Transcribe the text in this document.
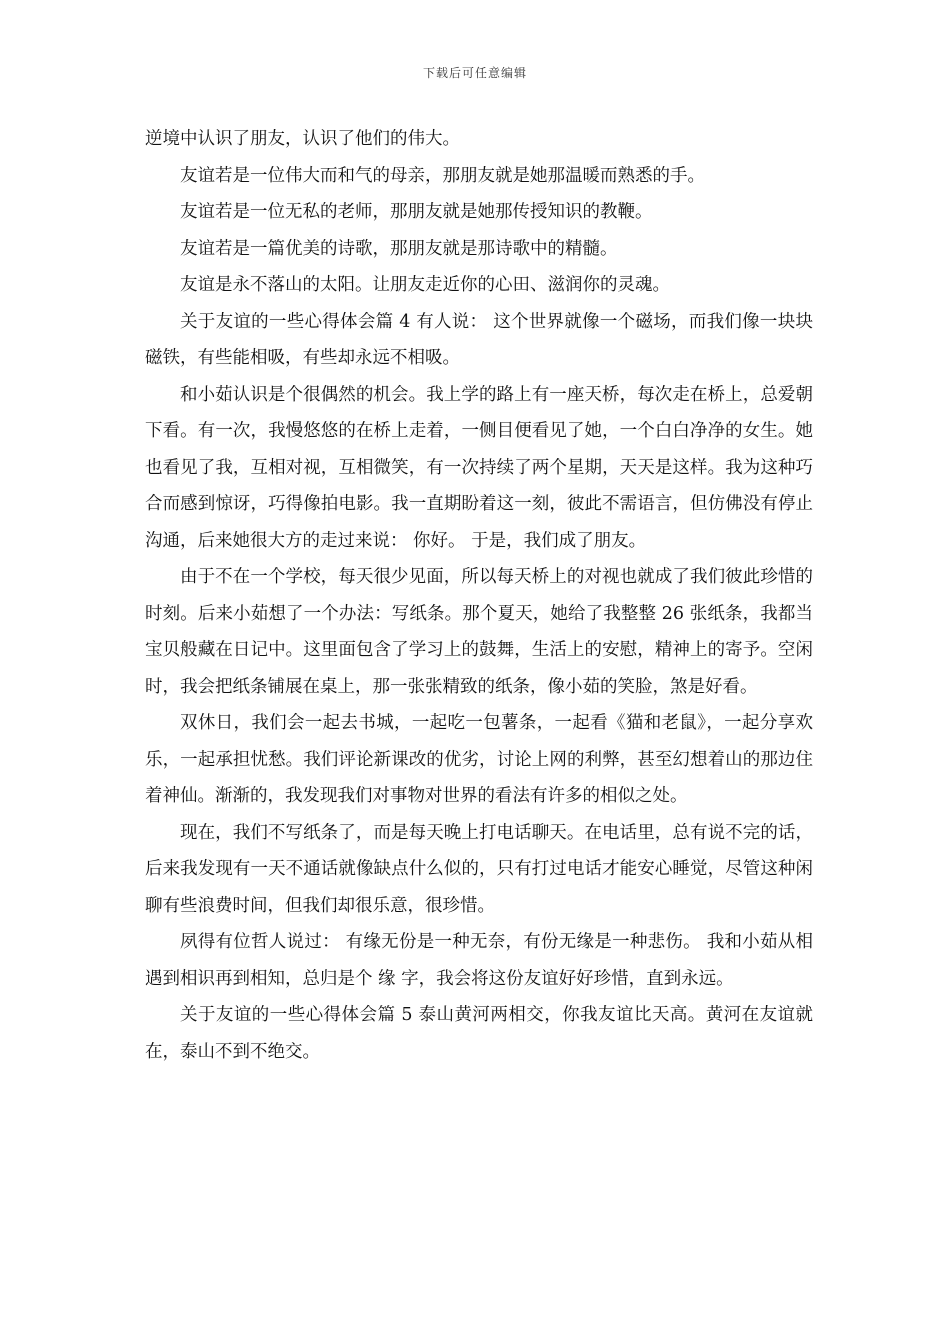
下载后可任意编辑

逆境中认识了朋友，认识了他们的伟大。

友谊若是一位伟大而和气的母亲，那朋友就是她那温暖而熟悉的手。

友谊若是一位无私的老师，那朋友就是她那传授知识的教鞭。

友谊若是一篇优美的诗歌，那朋友就是那诗歌中的精髓。

友谊是永不落山的太阳。让朋友走近你的心田、滋润你的灵魂。

关于友谊的一些心得体会篇 4 有人说： 这个世界就像一个磁场，而我们像一块块磁铁，有些能相吸，有些却永远不相吸。

和小茹认识是个很偶然的机会。我上学的路上有一座天桥，每次走在桥上，总爱朝下看。有一次，我慢悠悠的在桥上走着，一侧目便看见了她，一个白白净净的女生。她也看见了我，互相对视，互相微笑，有一次持续了两个星期，天天是这样。我为这种巧合而感到惊讶，巧得像拍电影。我一直期盼着这一刻，彼此不需语言，但仿佛没有停止沟通，后来她很大方的走过来说： 你好。 于是，我们成了朋友。

由于不在一个学校，每天很少见面，所以每天桥上的对视也就成了我们彼此珍惜的时刻。后来小茹想了一个办法：写纸条。那个夏天，她给了我整整 26 张纸条，我都当宝贝般藏在日记中。这里面包含了学习上的鼓舞，生活上的安慰，精神上的寄予。空闲时，我会把纸条铺展在桌上，那一张张精致的纸条，像小茹的笑脸，煞是好看。

双休日，我们会一起去书城，一起吃一包薯条，一起看《猫和老鼠》，一起分享欢乐，一起承担忧愁。我们评论新课改的优劣，讨论上网的利弊，甚至幻想着山的那边住着神仙。渐渐的，我发现我们对事物对世界的看法有许多的相似之处。

现在，我们不写纸条了，而是每天晚上打电话聊天。在电话里，总有说不完的话，后来我发现有一天不通话就像缺点什么似的，只有打过电话才能安心睡觉，尽管这种闲聊有些浪费时间，但我们却很乐意，很珍惜。

夙得有位哲人说过： 有缘无份是一种无奈，有份无缘是一种悲伤。 我和小茹从相遇到相识再到相知，总归是个 缘 字，我会将这份友谊好好珍惜，直到永远。

关于友谊的一些心得体会篇 5 泰山黄河两相交，你我友谊比天高。黄河在友谊就在，泰山不到不绝交。
